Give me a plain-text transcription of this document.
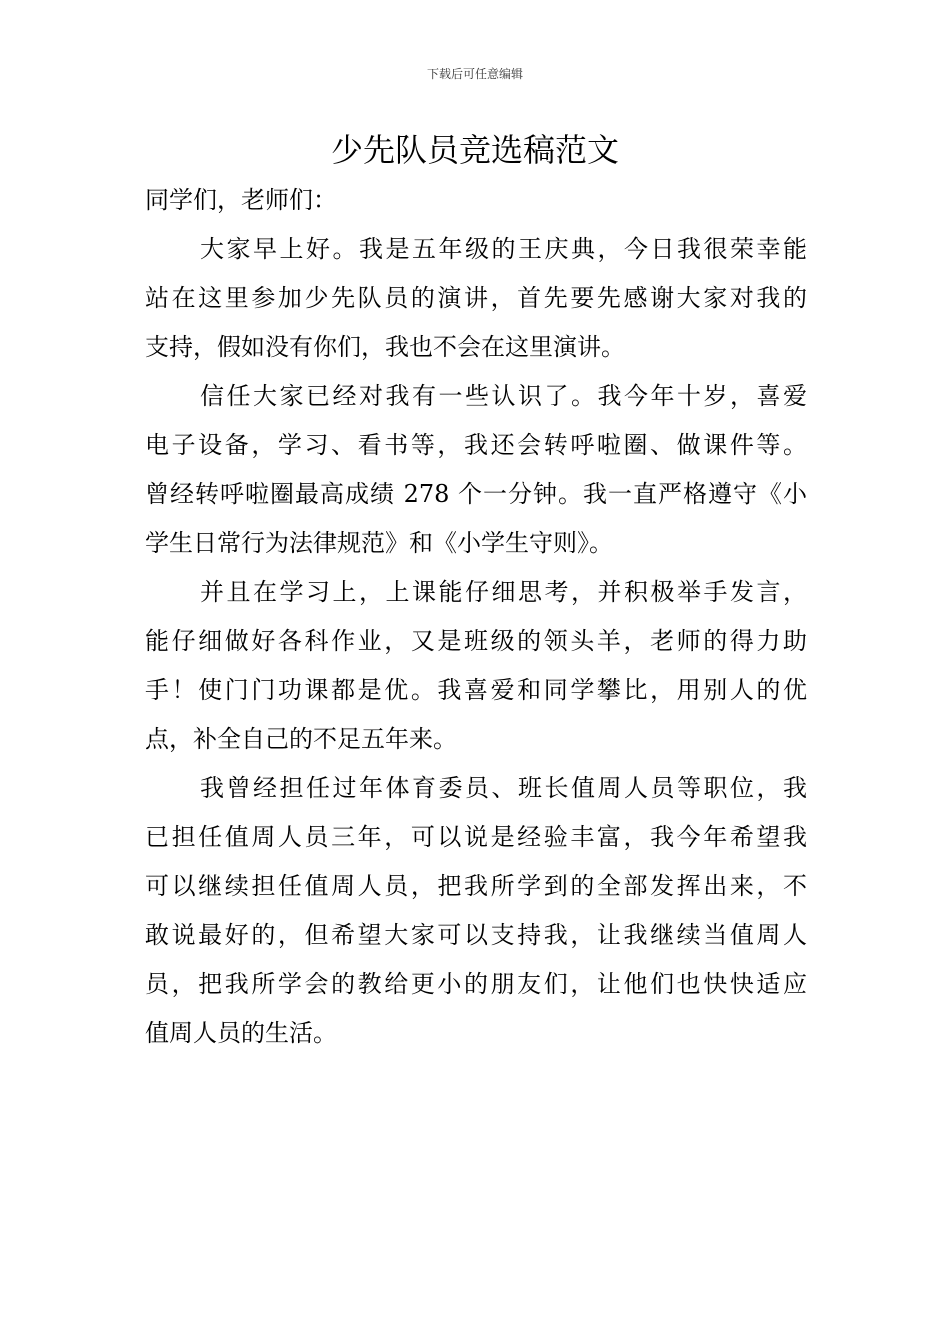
下载后可任意编辑
少先队员竞选稿范文

同学们，老师们：

大家早上好。我是五年级的王庆典，今日我很荣幸能
站在这里参加少先队员的演讲，首先要先感谢大家对我的
支持，假如没有你们，我也不会在这里演讲。

信任大家已经对我有一些认识了。我今年十岁，喜爱
电子设备，学习、看书等，我还会转呼啦圈、做课件等。
曾经转呼啦圈最高成绩 278 个一分钟。我一直严格遵守《小
学生日常行为法律规范》和《小学生守则》。

并且在学习上，上课能仔细思考，并积极举手发言，
能仔细做好各科作业，又是班级的领头羊，老师的得力助
手！使门门功课都是优。我喜爱和同学攀比，用别人的优
点，补全自己的不足五年来。

我曾经担任过年体育委员、班长值周人员等职位，我
已担任值周人员三年，可以说是经验丰富，我今年希望我
可以继续担任值周人员，把我所学到的全部发挥出来，不
敢说最好的，但希望大家可以支持我，让我继续当值周人
员，把我所学会的教给更小的朋友们，让他们也快快适应
值周人员的生活。
